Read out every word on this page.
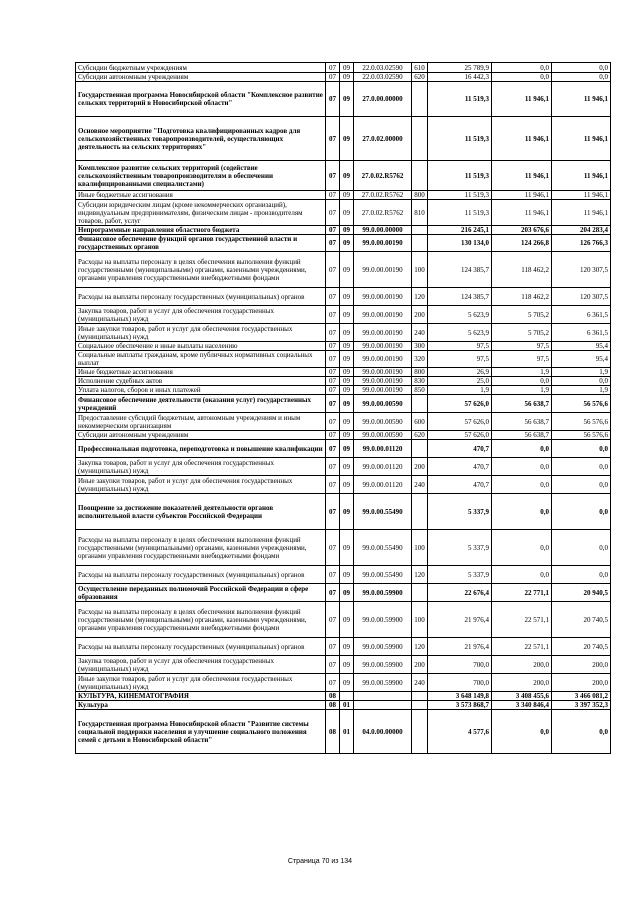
Субсидии бюджетным учреждениям	07	09	22.0.03.02590	610	25 789,9	0,0	0,0
Субсидии автономным учреждениям	07	09	22.0.03.02590	620	16 442,3	0,0	0,0
Государственная программа Новосибирской области "Комплексное развитие сельских территорий в Новосибирской области"	07	09	27.0.00.00000		11 519,3	11 946,1	11 946,1
Основное мероприятие "Подготовка квалифицированных кадров для сельскохозяйственных товаропроизводителей, осуществляющих деятельность на сельских территориях"	07	09	27.0.02.00000		11 519,3	11 946,1	11 946,1
Комплексное развитие сельских территорий (содействие сельскохозяйственным товаропроизводителям в обеспечении квалифицированными специалистами)	07	09	27.0.02.R5762		11 519,3	11 946,1	11 946,1
Иные бюджетные ассигнования	07	09	27.0.02.R5762	800	11 519,3	11 946,1	11 946,1
Субсидии юридическим лицам (кроме некоммерческих организаций), индивидуальным предпринимателям, физическим лицам - производителям товаров, работ, услуг	07	09	27.0.02.R5762	810	11 519,3	11 946,1	11 946,1
Непрограммные направления областного бюджета	07	09	99.0.00.00000		216 245,1	203 676,6	204 283,4
Финансовое обеспечение функций органов государственной власти и государственных органов	07	09	99.0.00.00190		130 134,0	124 266,8	126 766,3
Расходы на выплаты персоналу в целях обеспечения выполнения функций государственными (муниципальными) органами, казенными учреждениями, органами управления государственными внебюджетными фондами	07	09	99.0.00.00190	100	124 385,7	118 462,2	120 307,5
Расходы на выплаты персоналу государственных (муниципальных) органов	07	09	99.0.00.00190	120	124 385,7	118 462,2	120 307,5
Закупка товаров, работ и услуг для обеспечения государственных (муниципальных) нужд	07	09	99.0.00.00190	200	5 623,9	5 705,2	6 361,5
Иные закупки товаров, работ и услуг для обеспечения государственных (муниципальных) нужд	07	09	99.0.00.00190	240	5 623,9	5 705,2	6 361,5
Социальное обеспечение и иные выплаты населению	07	09	99.0.00.00190	300	97,5	97,5	95,4
Социальные выплаты гражданам, кроме публичных нормативных социальных выплат	07	09	99.0.00.00190	320	97,5	97,5	95,4
Иные бюджетные ассигнования	07	09	99.0.00.00190	800	26,9	1,9	1,9
Исполнение судебных актов	07	09	99.0.00.00190	830	25,0	0,0	0,0
Уплата налогов, сборов и иных платежей	07	09	99.0.00.00190	850	1,9	1,9	1,9
Финансовое обеспечение деятельности (оказания услуг) государственных учреждений	07	09	99.0.00.00590		57 626,0	56 638,7	56 576,6
Предоставление субсидий бюджетным, автономным учреждениям и иным некоммерческим организациям	07	09	99.0.00.00590	600	57 626,0	56 638,7	56 576,6
Субсидии автономным учреждениям	07	09	99.0.00.00590	620	57 626,0	56 638,7	56 576,6
Профессиональная подготовка, переподготовка и повышение квалификации	07	09	99.0.00.01120		470,7	0,0	0,0
Закупка товаров, работ и услуг для обеспечения государственных (муниципальных) нужд	07	09	99.0.00.01120	200	470,7	0,0	0,0
Иные закупки товаров, работ и услуг для обеспечения государственных (муниципальных) нужд	07	09	99.0.00.01120	240	470,7	0,0	0,0
Поощрение за достижение показателей деятельности органов исполнительной власти субъектов Российской Федерации	07	09	99.0.00.55490		5 337,9	0,0	0,0
Расходы на выплаты персоналу в целях обеспечения выполнения функций государственными (муниципальными) органами, казенными учреждениями, органами управления государственными внебюджетными фондами	07	09	99.0.00.55490	100	5 337,9	0,0	0,0
Расходы на выплаты персоналу государственных (муниципальных) органов	07	09	99.0.00.55490	120	5 337,9	0,0	0,0
Осуществление переданных полномочий Российской Федерации в сфере образования	07	09	99.0.00.59900		22 676,4	22 771,1	20 940,5
Расходы на выплаты персоналу в целях обеспечения выполнения функций государственными (муниципальными) органами, казенными учреждениями, органами управления государственными внебюджетными фондами	07	09	99.0.00.59900	100	21 976,4	22 571,1	20 740,5
Расходы на выплаты персоналу государственных (муниципальных) органов	07	09	99.0.00.59900	120	21 976,4	22 571,1	20 740,5
Закупка товаров, работ и услуг для обеспечения государственных (муниципальных) нужд	07	09	99.0.00.59900	200	700,0	200,0	200,0
Иные закупки товаров, работ и услуг для обеспечения государственных (муниципальных) нужд	07	09	99.0.00.59900	240	700,0	200,0	200,0
КУЛЬТУРА, КИНЕМАТОГРАФИЯ	08				3 648 149,8	3 408 455,6	3 466 081,2
Культура	08	01			3 573 868,7	3 340 846,4	3 397 352,3
Государственная программа Новосибирской области "Развитие системы социальной поддержки населения и улучшение социального положения семей с детьми в Новосибирской области"	08	01	04.0.00.00000		4 577,6	0,0	0,0
Страница 70 из 134
